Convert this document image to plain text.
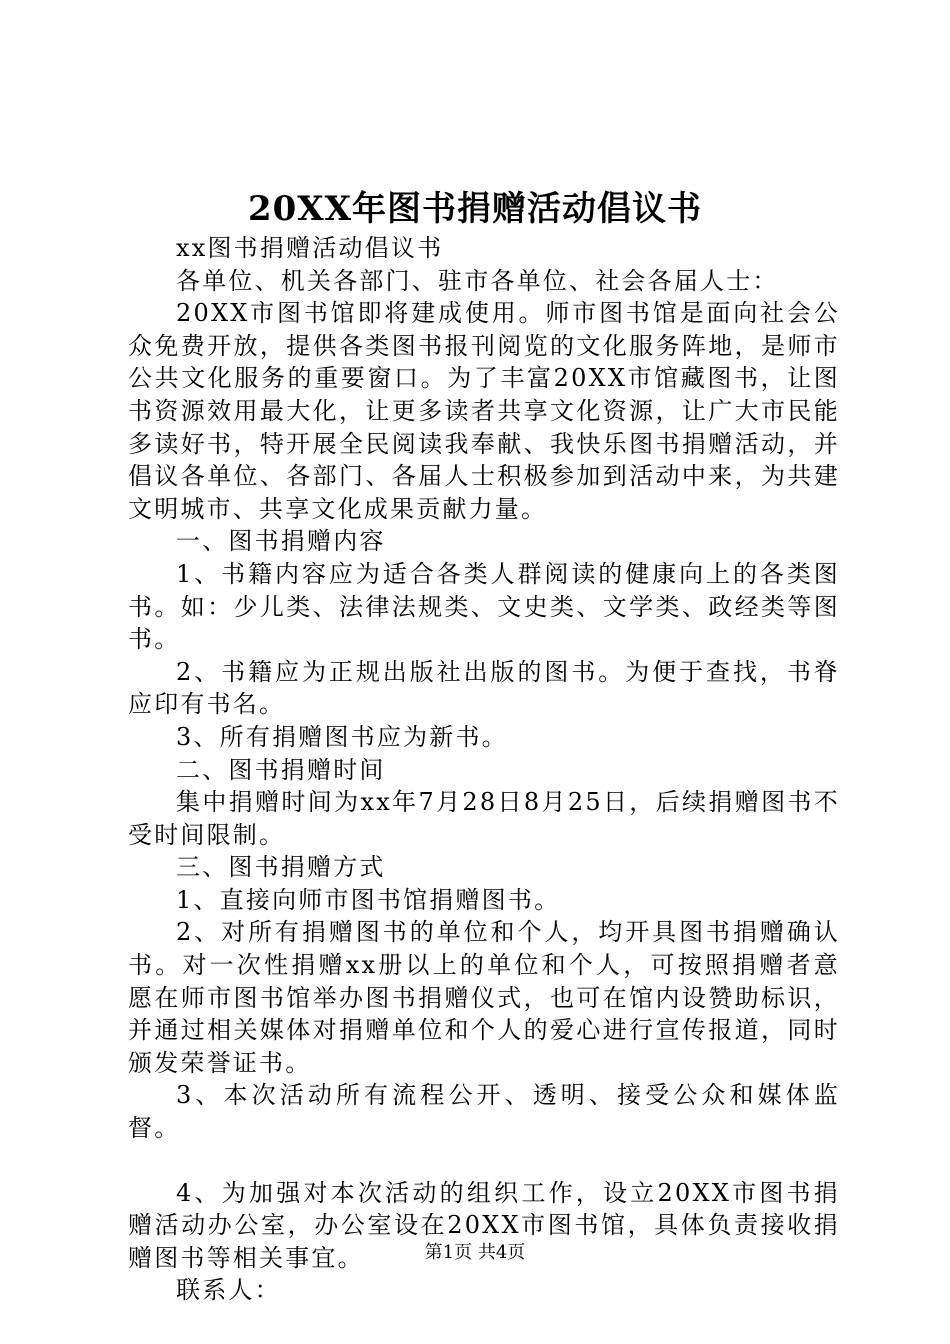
20XX年图书捐赠活动倡议书

xx图书捐赠活动倡议书

各单位、机关各部门、驻市各单位、社会各届人士：

20XX市图书馆即将建成使用。师市图书馆是面向社会公众免费开放，提供各类图书报刊阅览的文化服务阵地，是师市公共文化服务的重要窗口。为了丰富20XX市馆藏图书，让图书资源效用最大化，让更多读者共享文化资源，让广大市民能多读好书，特开展全民阅读我奉献、我快乐图书捐赠活动，并倡议各单位、各部门、各届人士积极参加到活动中来，为共建文明城市、共享文化成果贡献力量。

一、图书捐赠内容

1、书籍内容应为适合各类人群阅读的健康向上的各类图书。如：少儿类、法律法规类、文史类、文学类、政经类等图书。

2、书籍应为正规出版社出版的图书。为便于查找，书脊应印有书名。

3、所有捐赠图书应为新书。

二、图书捐赠时间

集中捐赠时间为xx年7月28日8月25日，后续捐赠图书不受时间限制。

三、图书捐赠方式

1、直接向师市图书馆捐赠图书。

2、对所有捐赠图书的单位和个人，均开具图书捐赠确认书。对一次性捐赠xx册以上的单位和个人，可按照捐赠者意愿在师市图书馆举办图书捐赠仪式，也可在馆内设赞助标识，并通过相关媒体对捐赠单位和个人的爱心进行宣传报道，同时颁发荣誉证书。

3、本次活动所有流程公开、透明、接受公众和媒体监督。

4、为加强对本次活动的组织工作，设立20XX市图书捐赠活动办公室，办公室设在20XX市图书馆，具体负责接收捐赠图书等相关事宜。

联系人：

第1页 共4页
